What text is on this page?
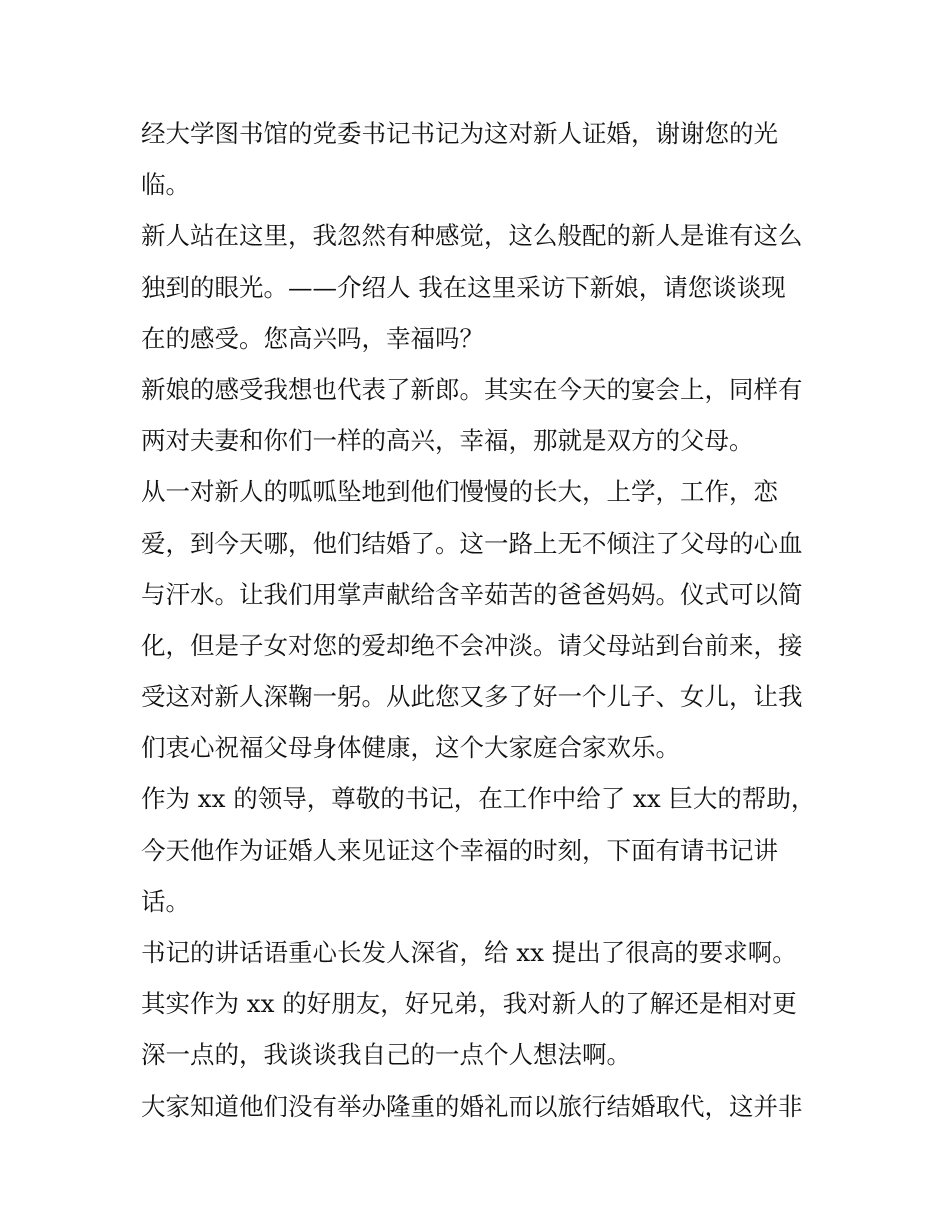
经大学图书馆的党委书记书记为这对新人证婚，谢谢您的光
临。
新人站在这里，我忽然有种感觉，这么般配的新人是谁有这么
独到的眼光。——介绍人 我在这里采访下新娘，请您谈谈现
在的感受。您高兴吗，幸福吗？
新娘的感受我想也代表了新郎。其实在今天的宴会上，同样有
两对夫妻和你们一样的高兴，幸福，那就是双方的父母。
从一对新人的呱呱坠地到他们慢慢的长大，上学，工作，恋
爱，到今天哪，他们结婚了。这一路上无不倾注了父母的心血
与汗水。让我们用掌声献给含辛茹苦的爸爸妈妈。仪式可以简
化，但是子女对您的爱却绝不会冲淡。请父母站到台前来，接
受这对新人深鞠一躬。从此您又多了好一个儿子、女儿，让我
们衷心祝福父母身体健康，这个大家庭合家欢乐。
作为 xx 的领导，尊敬的书记，在工作中给了 xx 巨大的帮助，
今天他作为证婚人来见证这个幸福的时刻，下面有请书记讲
话。
书记的讲话语重心长发人深省，给 xx 提出了很高的要求啊。
其实作为 xx 的好朋友，好兄弟，我对新人的了解还是相对更
深一点的，我谈谈我自己的一点个人想法啊。
大家知道他们没有举办隆重的婚礼而以旅行结婚取代，这并非
